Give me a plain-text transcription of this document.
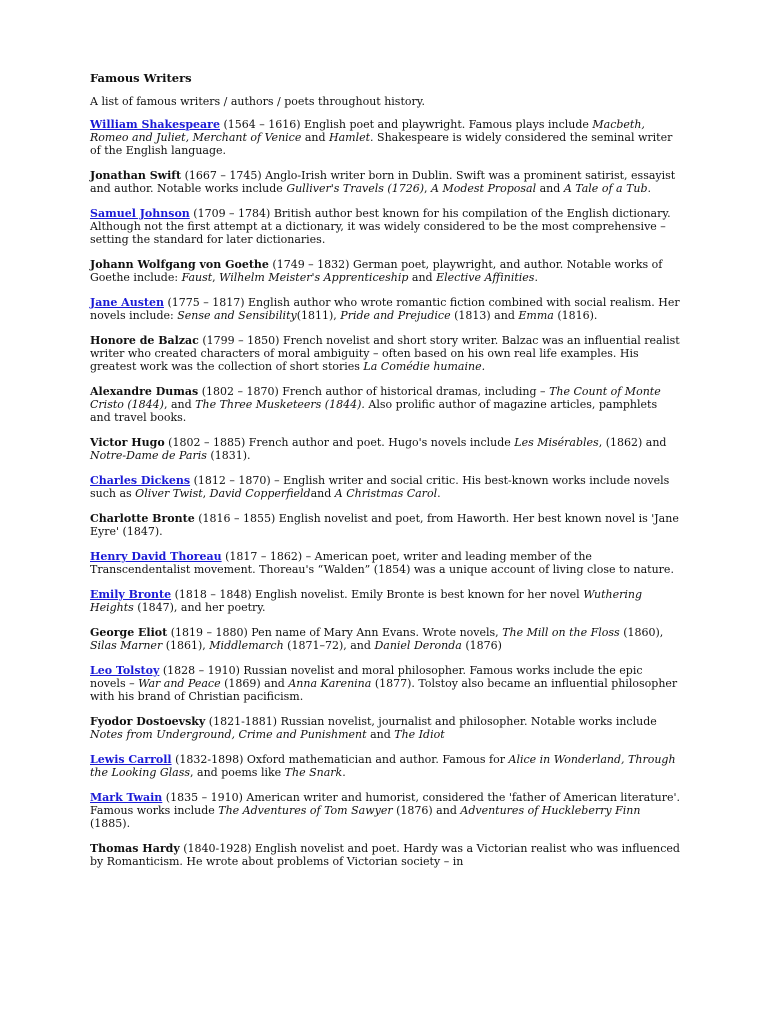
Famous Writers

A list of famous writers / authors / poets throughout history.

William Shakespeare (1564 – 1616) English poet and playwright. Famous plays include Macbeth, Romeo and Juliet, Merchant of Venice and Hamlet. Shakespeare is widely considered the seminal writer of the English language.

Jonathan Swift (1667 – 1745) Anglo-Irish writer born in Dublin. Swift was a prominent satirist, essayist and author. Notable works include Gulliver's Travels (1726), A Modest Proposal and A Tale of a Tub.

Samuel Johnson (1709 – 1784) British author best known for his compilation of the English dictionary. Although not the first attempt at a dictionary, it was widely considered to be the most comprehensive – setting the standard for later dictionaries.

Johann Wolfgang von Goethe (1749 – 1832) German poet, playwright, and author. Notable works of Goethe include: Faust, Wilhelm Meister's Apprenticeship and Elective Affinities.

Jane Austen (1775 – 1817) English author who wrote romantic fiction combined with social realism. Her novels include: Sense and Sensibility(1811), Pride and Prejudice (1813) and Emma (1816).

Honore de Balzac (1799 – 1850) French novelist and short story writer. Balzac was an influential realist writer who created characters of moral ambiguity – often based on his own real life examples. His greatest work was the collection of short stories La Comédie humaine.

Alexandre Dumas (1802 – 1870) French author of historical dramas, including – The Count of Monte Cristo (1844), and The Three Musketeers (1844). Also prolific author of magazine articles, pamphlets and travel books.

Victor Hugo (1802 – 1885) French author and poet. Hugo's novels include Les Misérables, (1862) and Notre-Dame de Paris (1831).

Charles Dickens (1812 – 1870) – English writer and social critic. His best-known works include novels such as Oliver Twist, David Copperfieldand A Christmas Carol.

Charlotte Bronte (1816 – 1855) English novelist and poet, from Haworth. Her best known novel is 'Jane Eyre' (1847).

Henry David Thoreau (1817 – 1862) – American poet, writer and leading member of the Transcendentalist movement. Thoreau's “Walden” (1854) was a unique account of living close to nature.

Emily Bronte (1818 – 1848) English novelist. Emily Bronte is best known for her novel Wuthering Heights (1847), and her poetry.

George Eliot (1819 – 1880) Pen name of Mary Ann Evans. Wrote novels, The Mill on the Floss (1860), Silas Marner (1861), Middlemarch (1871–72), and Daniel Deronda (1876)

Leo Tolstoy (1828 – 1910) Russian novelist and moral philosopher. Famous works include the epic novels – War and Peace (1869) and Anna Karenina (1877). Tolstoy also became an influential philosopher with his brand of Christian pacificism.

Fyodor Dostoevsky (1821-1881) Russian novelist, journalist and philosopher. Notable works include Notes from Underground, Crime and Punishment and The Idiot

Lewis Carroll (1832-1898) Oxford mathematician and author. Famous for Alice in Wonderland, Through the Looking Glass, and poems like The Snark.

Mark Twain (1835 – 1910) American writer and humorist, considered the 'father of American literature'. Famous works include The Adventures of Tom Sawyer (1876) and Adventures of Huckleberry Finn (1885).

Thomas Hardy (1840-1928) English novelist and poet. Hardy was a Victorian realist who was influenced by Romanticism. He wrote about problems of Victorian society – in
